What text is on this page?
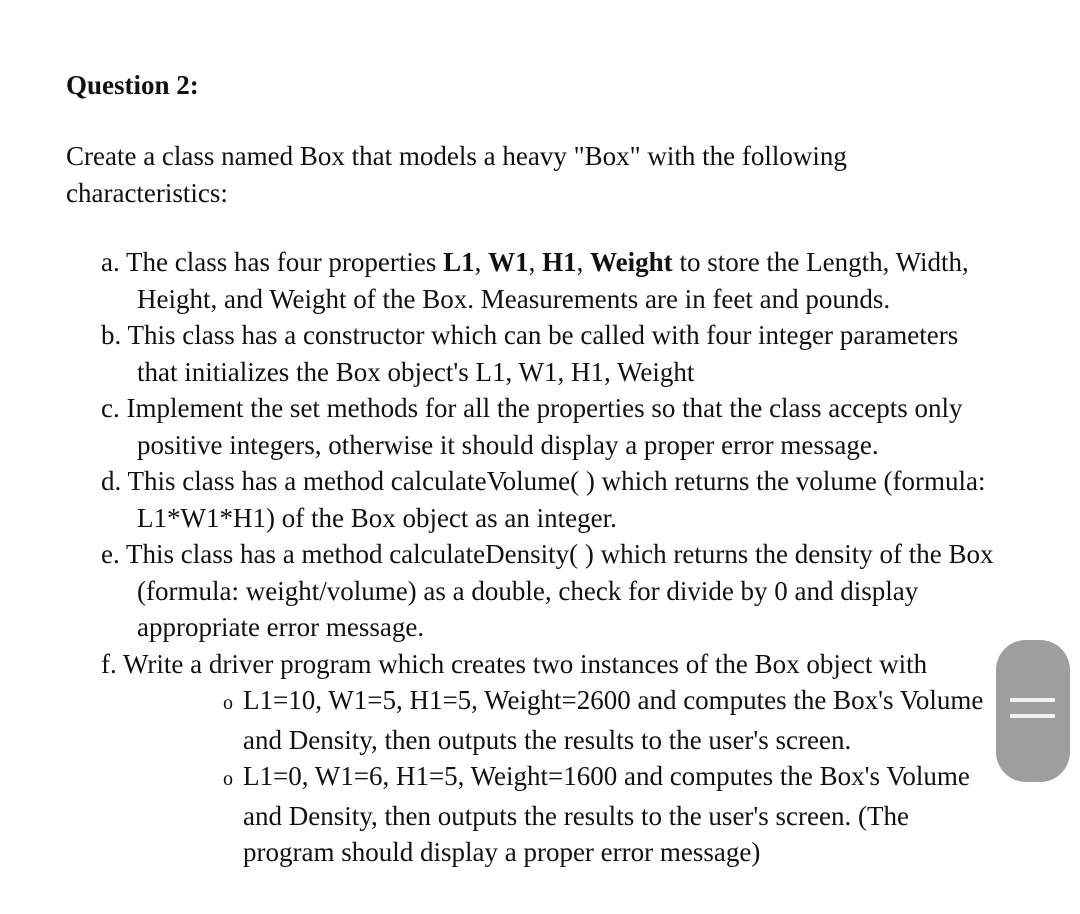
Question 2:

Create a class named Box that models a heavy "Box" with the following characteristics:

a. The class has four properties L1, W1, H1, Weight to store the Length, Width, Height, and Weight of the Box. Measurements are in feet and pounds.
b. This class has a constructor which can be called with four integer parameters that initializes the Box object's L1, W1, H1, Weight
c. Implement the set methods for all the properties so that the class accepts only positive integers, otherwise it should display a proper error message.
d. This class has a method calculateVolume( ) which returns the volume (formula: L1*W1*H1) of the Box object as an integer.
e. This class has a method calculateDensity( ) which returns the density of the Box (formula: weight/volume) as a double, check for divide by 0 and display appropriate error message.
f. Write a driver program which creates two instances of the Box object with
o L1=10, W1=5, H1=5, Weight=2600 and computes the Box's Volume and Density, then outputs the results to the user's screen.
o L1=0, W1=6, H1=5, Weight=1600 and computes the Box's Volume and Density, then outputs the results to the user's screen. (The program should display a proper error message)
